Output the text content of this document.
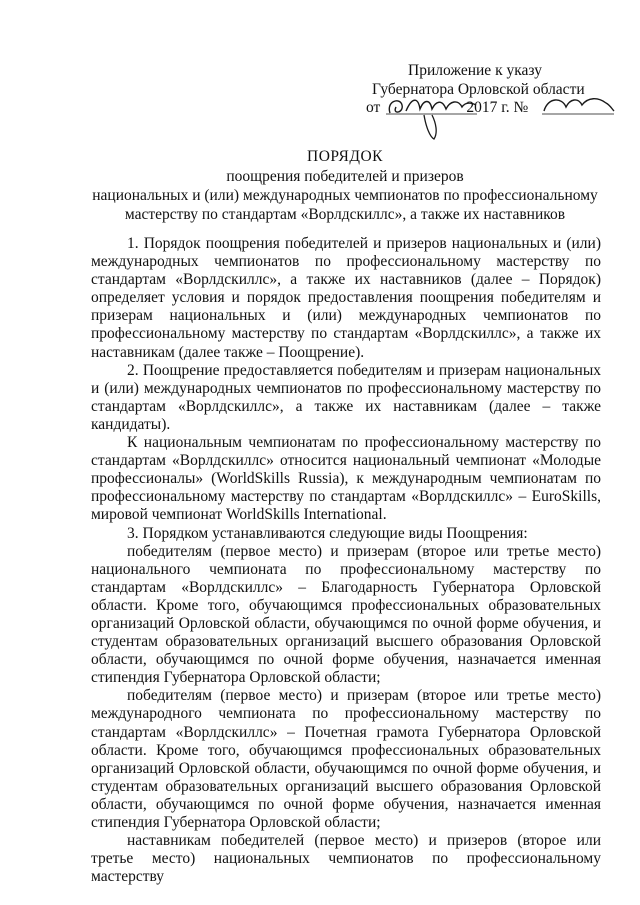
Приложение к указу
Губернатора Орловской области
от	2017 г. №
ПОРЯДОК
поощрения победителей и призеров
национальных и (или) международных чемпионатов по профессиональному
мастерству по стандартам «Ворлдскиллс», а также их наставников

1. Порядок поощрения победителей и призеров национальных и (или) международных чемпионатов по профессиональному мастерству по стандартам «Ворлдскиллс», а также их наставников (далее – Порядок) определяет условия и порядок предоставления поощрения победителям и призерам национальных и (или) международных чемпионатов по профессиональному мастерству по стандартам «Ворлдскиллс», а также их наставникам (далее также – Поощрение).

2. Поощрение предоставляется победителям и призерам национальных и (или) международных чемпионатов по профессиональному мастерству по стандартам «Ворлдскиллс», а также их наставникам (далее – также кандидаты).

К национальным чемпионатам по профессиональному мастерству по стандартам «Ворлдскиллс» относится национальный чемпионат «Молодые профессионалы» (WorldSkills Russia), к международным чемпионатам по профессиональному мастерству по стандартам «Ворлдскиллс» – EuroSkills, мировой чемпионат WorldSkills International.

3. Порядком устанавливаются следующие виды Поощрения:

победителям (первое место) и призерам (второе или третье место) национального чемпионата по профессиональному мастерству по стандартам «Ворлдскиллс» – Благодарность Губернатора Орловской области. Кроме того, обучающимся профессиональных образовательных организаций Орловской области, обучающимся по очной форме обучения, и студентам образовательных организаций высшего образования Орловской области, обучающимся по очной форме обучения, назначается именная стипендия Губернатора Орловской области;

победителям (первое место) и призерам (второе или третье место) международного чемпионата по профессиональному мастерству по стандартам «Ворлдскиллс» – Почетная грамота Губернатора Орловской области. Кроме того, обучающимся профессиональных образовательных организаций Орловской области, обучающимся по очной форме обучения, и студентам образовательных организаций высшего образования Орловской области, обучающимся по очной форме обучения, назначается именная стипендия Губернатора Орловской области;

наставникам победителей (первое место) и призеров (второе или третье место) национальных чемпионатов по профессиональному мастерству
